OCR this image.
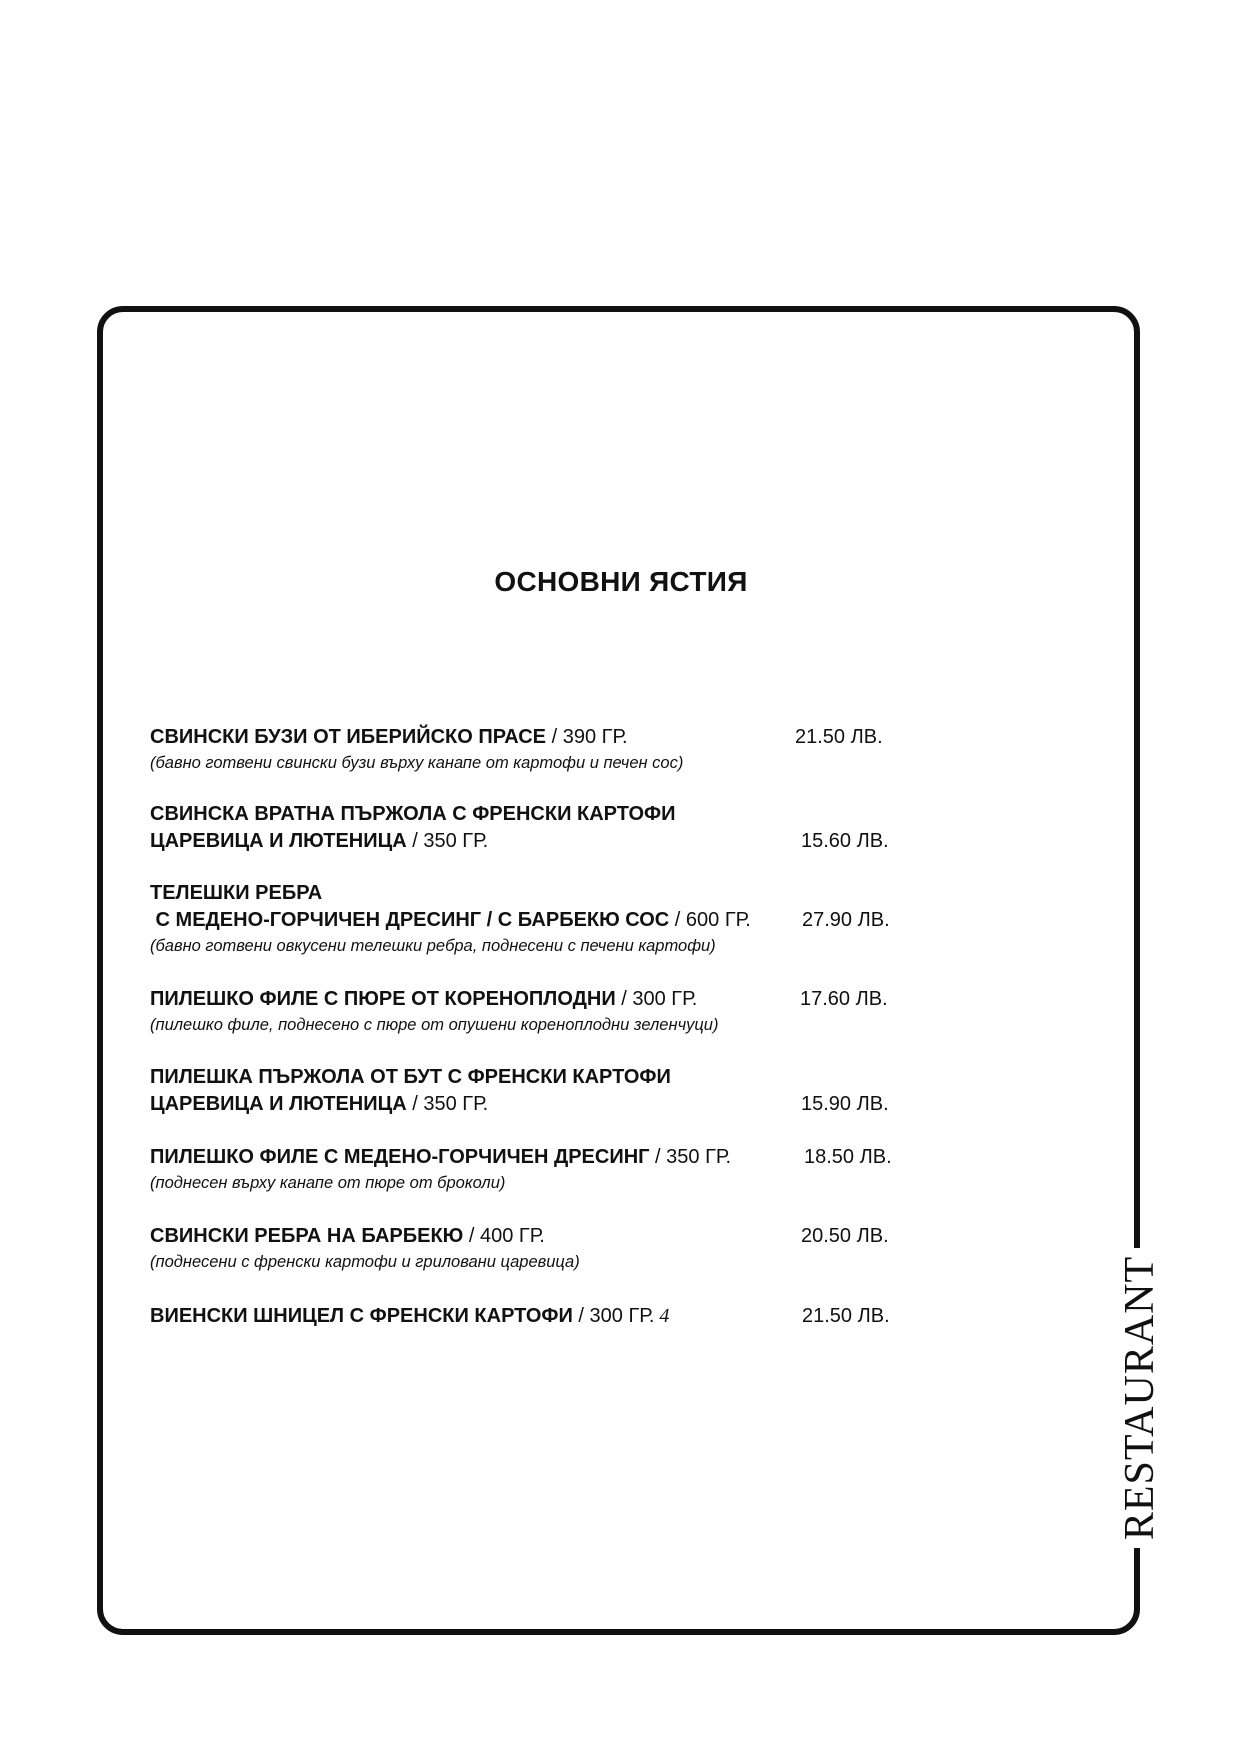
RESTAURANT
ОСНОВНИ ЯСТИЯ
СВИНСКИ БУЗИ ОТ ИБЕРИЙСКО ПРАСЕ / 390 ГР.	21.50 ЛВ.
(бавно готвени свински бузи върху канапе от картофи и печен сос)
СВИНСКА ВРАТНА ПЪРЖОЛА С ФРЕНСКИ КАРТОФИ
ЦАРЕВИЦА И ЛЮТЕНИЦА / 350 ГР.	15.60 ЛВ.
ТЕЛЕШКИ РЕБРА
С МЕДЕНО-ГОРЧИЧЕН ДРЕСИНГ / С БАРБЕКЮ СОС / 600 ГР.	27.90 ЛВ.
(бавно готвени овкусени телешки ребра, поднесени с печени картофи)
ПИЛЕШКО ФИЛЕ С ПЮРЕ ОТ КОРЕНОПЛОДНИ / 300 ГР.	17.60 ЛВ.
(пилешко филе, поднесено с пюре от опушени кореноплодни зеленчуци)
ПИЛЕШКА ПЪРЖОЛА ОТ БУТ С ФРЕНСКИ КАРТОФИ
ЦАРЕВИЦА И ЛЮТЕНИЦА / 350 ГР.	15.90 ЛВ.
ПИЛЕШКО ФИЛЕ С МЕДЕНО-ГОРЧИЧЕН ДРЕСИНГ / 350 ГР.	18.50 ЛВ.
(поднесен върху канапе от пюре от броколи)
СВИНСКИ РЕБРА НА БАРБЕКЮ / 400 ГР.	20.50 ЛВ.
(поднесени с френски картофи и гриловани царевица)
ВИЕНСКИ ШНИЦЕЛ С ФРЕНСКИ КАРТОФИ / 300 ГР. 4	21.50 ЛВ.
